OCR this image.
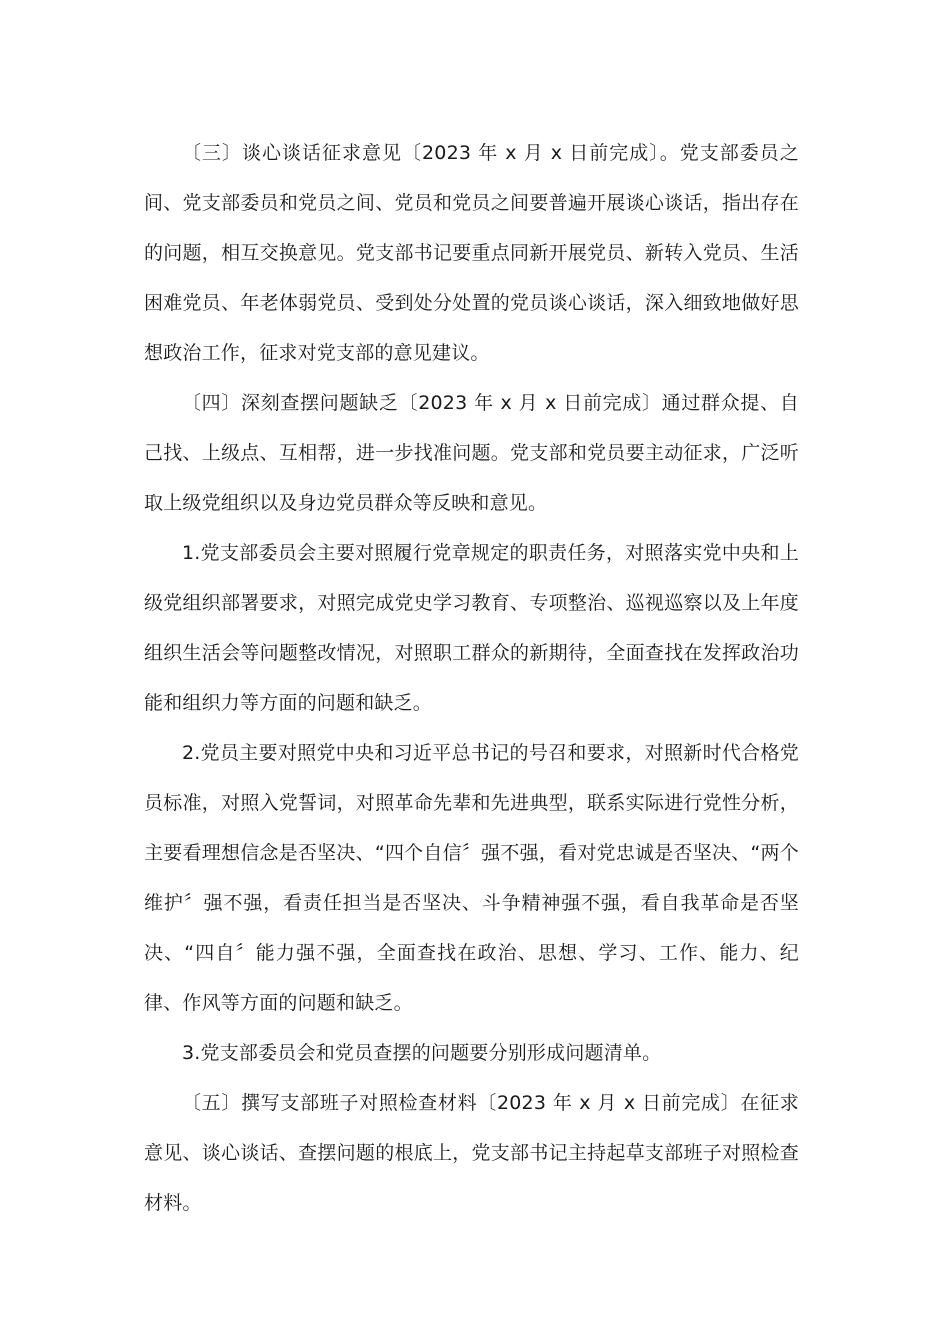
〔三〕谈心谈话征求意见〔2023 年 x 月 x 日前完成〕。党支部委员之间、党支部委员和党员之间、党员和党员之间要普遍开展谈心谈话，指出存在的问题，相互交换意见。党支部书记要重点同新开展党员、新转入党员、生活困难党员、年老体弱党员、受到处分处置的党员谈心谈话，深入细致地做好思想政治工作，征求对党支部的意见建议。

〔四〕深刻查摆问题缺乏〔2023 年 x 月 x 日前完成〕通过群众提、自己找、上级点、互相帮，进一步找准问题。党支部和党员要主动征求，广泛听取上级党组织以及身边党员群众等反映和意见。

1.党支部委员会主要对照履行党章规定的职责任务，对照落实党中央和上级党组织部署要求，对照完成党史学习教育、专项整治、巡视巡察以及上年度组织生活会等问题整改情况，对照职工群众的新期待，全面查找在发挥政治功能和组织力等方面的问题和缺乏。

2.党员主要对照党中央和习近平总书记的号召和要求，对照新时代合格党员标准，对照入党誓词，对照革命先辈和先进典型，联系实际进行党性分析，主要看理想信念是否坚决、“四个自信〞强不强，看对党忠诚是否坚决、“两个维护〞强不强，看责任担当是否坚决、斗争精神强不强，看自我革命是否坚决、“四自〞能力强不强，全面查找在政治、思想、学习、工作、能力、纪律、作风等方面的问题和缺乏。

3.党支部委员会和党员查摆的问题要分别形成问题清单。

〔五〕撰写支部班子对照检查材料〔2023 年 x 月 x 日前完成〕在征求意见、谈心谈话、查摆问题的根底上，党支部书记主持起草支部班子对照检查材料。
